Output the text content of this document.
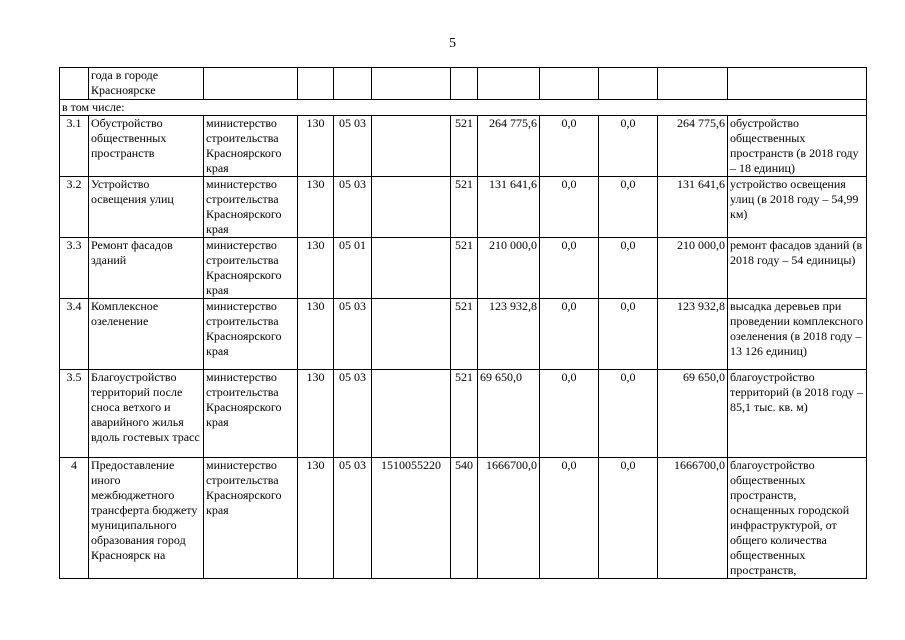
5
	года в городе Красноярске										
в том числе:											
3.1	Обустройство общественных пространств	министерство строительства Красноярского края	130	05 03		521	264 775,6	0,0	0,0	264 775,6	обустройство общественных пространств (в 2018 году – 18 единиц)
3.2	Устройство освещения улиц	министерство строительства Красноярского края	130	05 03		521	131 641,6	0,0	0,0	131 641,6	устройство освещения улиц (в 2018 году – 54,99 км)
3.3	Ремонт фасадов зданий	министерство строительства Красноярского края	130	05 01		521	210 000,0	0,0	0,0	210 000,0	ремонт фасадов зданий (в 2018 году – 54 единицы)
3.4	Комплексное озеленение	министерство строительства Красноярского края	130	05 03		521	123 932,8	0,0	0,0	123 932,8	высадка деревьев при проведении комплексного озеленения (в 2018 году – 13 126 единиц)
3.5	Благоустройство территорий после сноса ветхого и аварийного жилья вдоль гостевых трасс	министерство строительства Красноярского края	130	05 03		521	69 650,0	0,0	0,0	69 650,0	благоустройство территорий (в 2018 году – 85,1 тыс. кв. м)
4	Предоставление иного межбюджетного трансферта бюджету муниципального образования город Красноярск на	министерство строительства Красноярского края	130	05 03	1510055220	540	1666700,0	0,0	0,0	1666700,0	благоустройство общественных пространств, оснащенных городской инфраструктурой, от общего количества общественных пространств,
